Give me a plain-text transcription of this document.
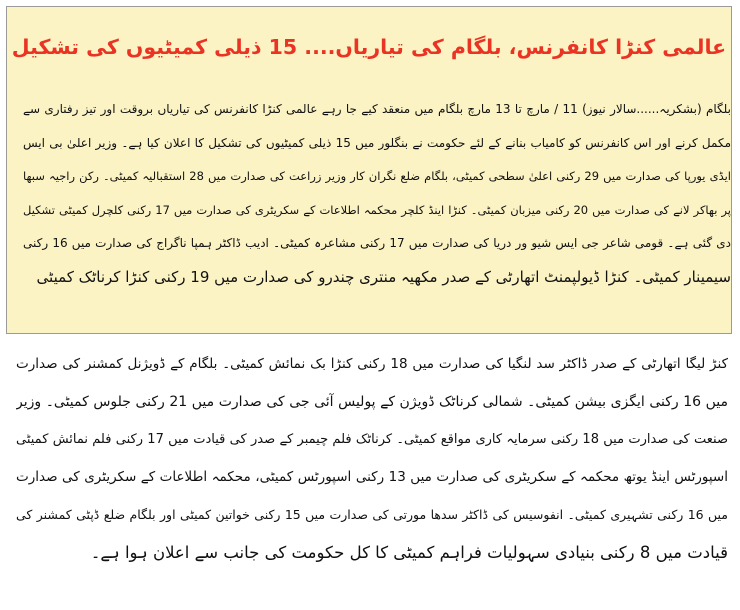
عالمی کنڑا کانفرنس، بلگام کی تیاریاں.... 15 ذیلی کمیٹیوں کی تشکیل
بلگام (بشکریہ......سالار نیوز) 11 / مارچ تا 13 مارچ بلگام میں منعقد کیے جا رہے عالمی کنڑا کانفرنس کی تیاریاں بروقت اور تیز رفتاری سے
مکمل کرنے اور اس کانفرنس کو کامیاب بنانے کے لئے حکومت نے بنگلور میں 15 ذیلی کمیٹیوں کی تشکیل کا اعلان کیا ہے۔ وزیر اعلیٰ بی ایس
ایڈی یورپا کی صدارت میں 29 رکنی اعلیٰ سطحی کمیٹی، بلگام ضلع نگران کار وزیر زراعت کی صدارت میں 28 استقبالیہ کمیٹی۔ رکن راجیہ سبھا
پر بھاکر لانے کی صدارت میں 20 رکنی میزبان کمیٹی۔ کنڑا اینڈ کلچر محکمہ اطلاعات کے سکریٹری کی صدارت میں 17 رکنی کلچرل کمیٹی تشکیل
دی گئی ہے۔ قومی شاعر جی ایس شیو ور دریا کی صدارت میں 17 رکنی مشاعرہ کمیٹی۔ ادیب ڈاکٹر ہمپا ناگراج کی صدارت میں 16 رکنی
سیمینار کمیٹی۔ کنڑا ڈیولپمنٹ اتھارٹی کے صدر مکھیہ منتری چندرو کی صدارت میں 19 رکنی کنڑا کرناٹک کمیٹی
کنڑ لیگا اتھارٹی کے صدر ڈاکٹر سد لنگیا کی صدارت میں 18 رکنی کنڑا بک نمائش کمیٹی۔ بلگام کے ڈویژنل کمشنر کی صدارت
میں 16 رکنی ایگزی بیشن کمیٹی۔ شمالی کرناٹک ڈویژن کے پولیس آئی جی کی صدارت میں 21 رکنی جلوس کمیٹی۔ وزیر
صنعت کی صدارت میں 18 رکنی سرمایہ کاری مواقع کمیٹی۔ کرناٹک فلم چیمبر کے صدر کی قیادت میں 17 رکنی فلم نمائش کمیٹی
اسپورٹس اینڈ یوتھ محکمہ کے سکریٹری کی صدارت میں 13 رکنی اسپورٹس کمیٹی، محکمہ اطلاعات کے سکریٹری کی صدارت
میں 16 رکنی تشہیری کمیٹی۔ انفوسیس کی ڈاکٹر سدھا مورتی کی صدارت میں 15 رکنی خواتین کمیٹی اور بلگام ضلع ڈپٹی کمشنر کی
قیادت میں 8 رکنی بنیادی سہولیات فراہم کمیٹی کا کل حکومت کی جانب سے اعلان ہوا ہے۔
